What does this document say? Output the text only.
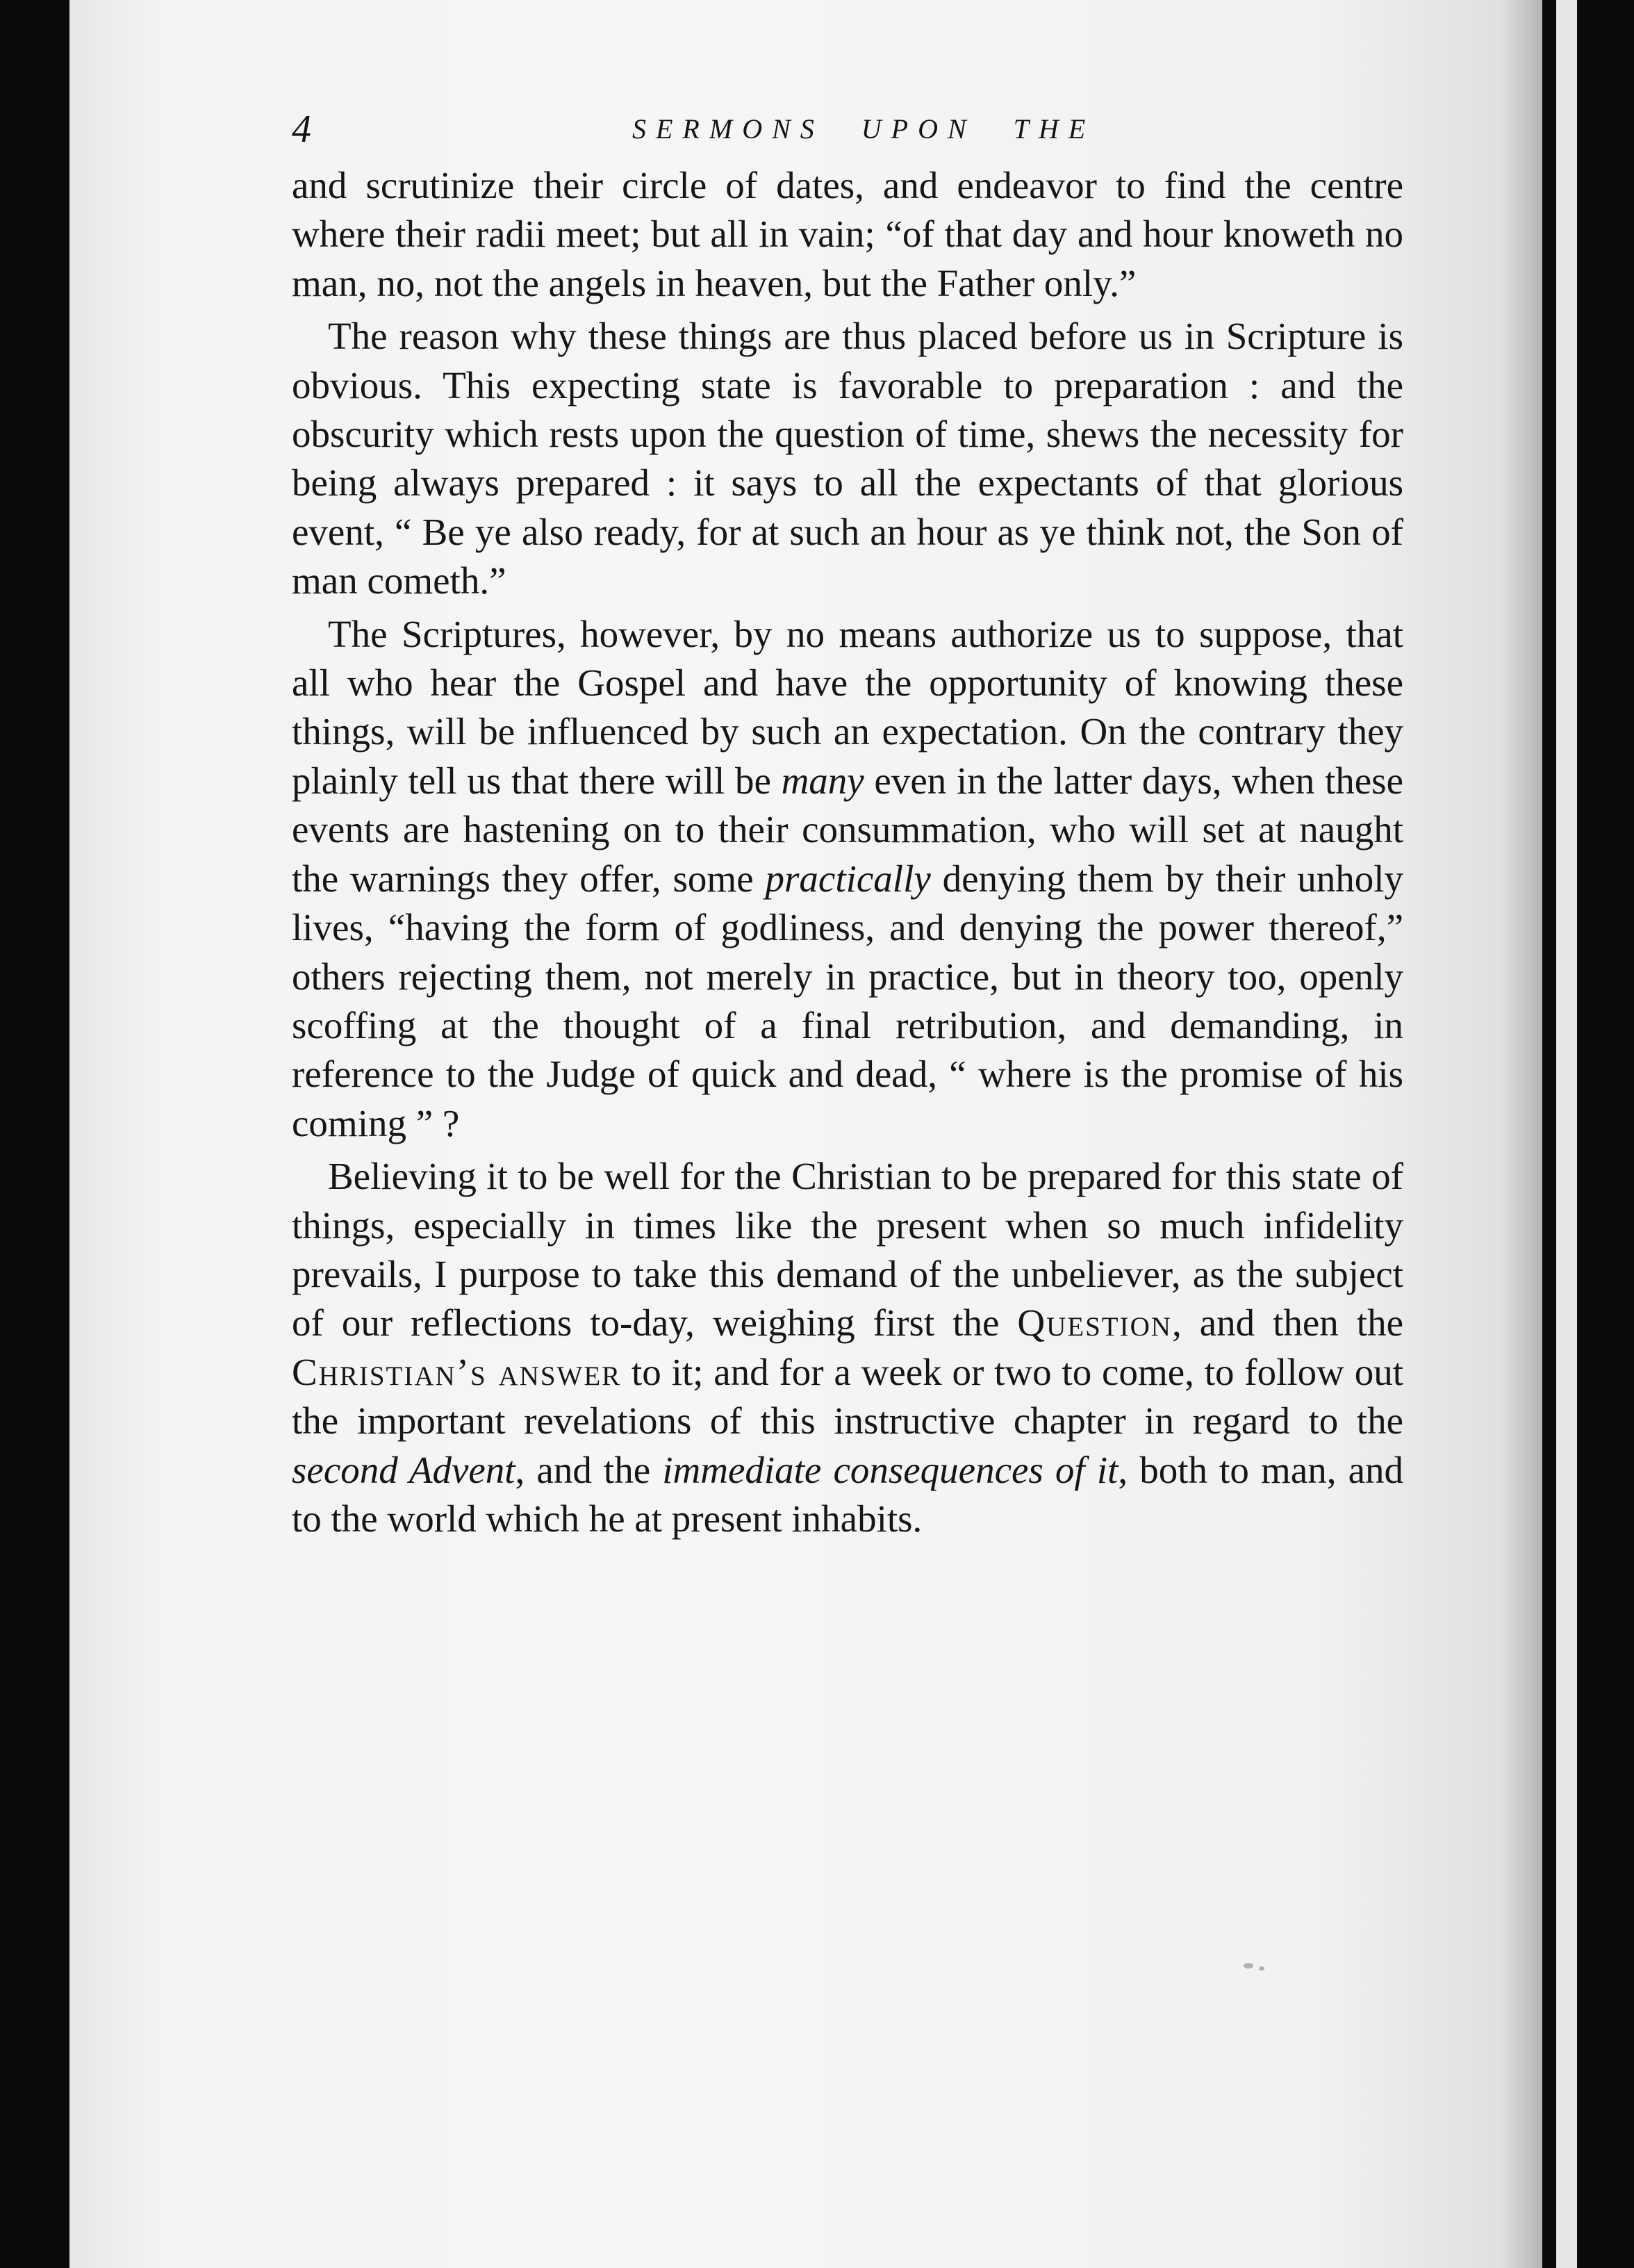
4	SERMONS UPON THE

and scrutinize their circle of dates, and endeavor to find the centre where their radii meet; but all in vain; “of that day and hour knoweth no man, no, not the angels in heaven, but the Father only.”

The reason why these things are thus placed before us in Scripture is obvious. This expecting state is favorable to preparation : and the obscurity which rests upon the question of time, shews the necessity for being always prepared : it says to all the expectants of that glorious event, “ Be ye also ready, for at such an hour as ye think not, the Son of man cometh.”

The Scriptures, however, by no means authorize us to suppose, that all who hear the Gospel and have the opportunity of knowing these things, will be influenced by such an expectation. On the contrary they plainly tell us that there will be many even in the latter days, when these events are hastening on to their consummation, who will set at naught the warnings they offer, some practically denying them by their unholy lives, “having the form of godliness, and denying the power thereof,” others rejecting them, not merely in practice, but in theory too, openly scoffing at the thought of a final retribution, and demanding, in reference to the Judge of quick and dead, “ where is the promise of his coming ” ?

Believing it to be well for the Christian to be prepared for this state of things, especially in times like the present when so much infidelity prevails, I purpose to take this demand of the unbeliever, as the subject of our reflections to-day, weighing first the Question, and then the Christian’s answer to it; and for a week or two to come, to follow out the important revelations of this instructive chapter in regard to the second Advent, and the immediate consequences of it, both to man, and to the world which he at present inhabits.
